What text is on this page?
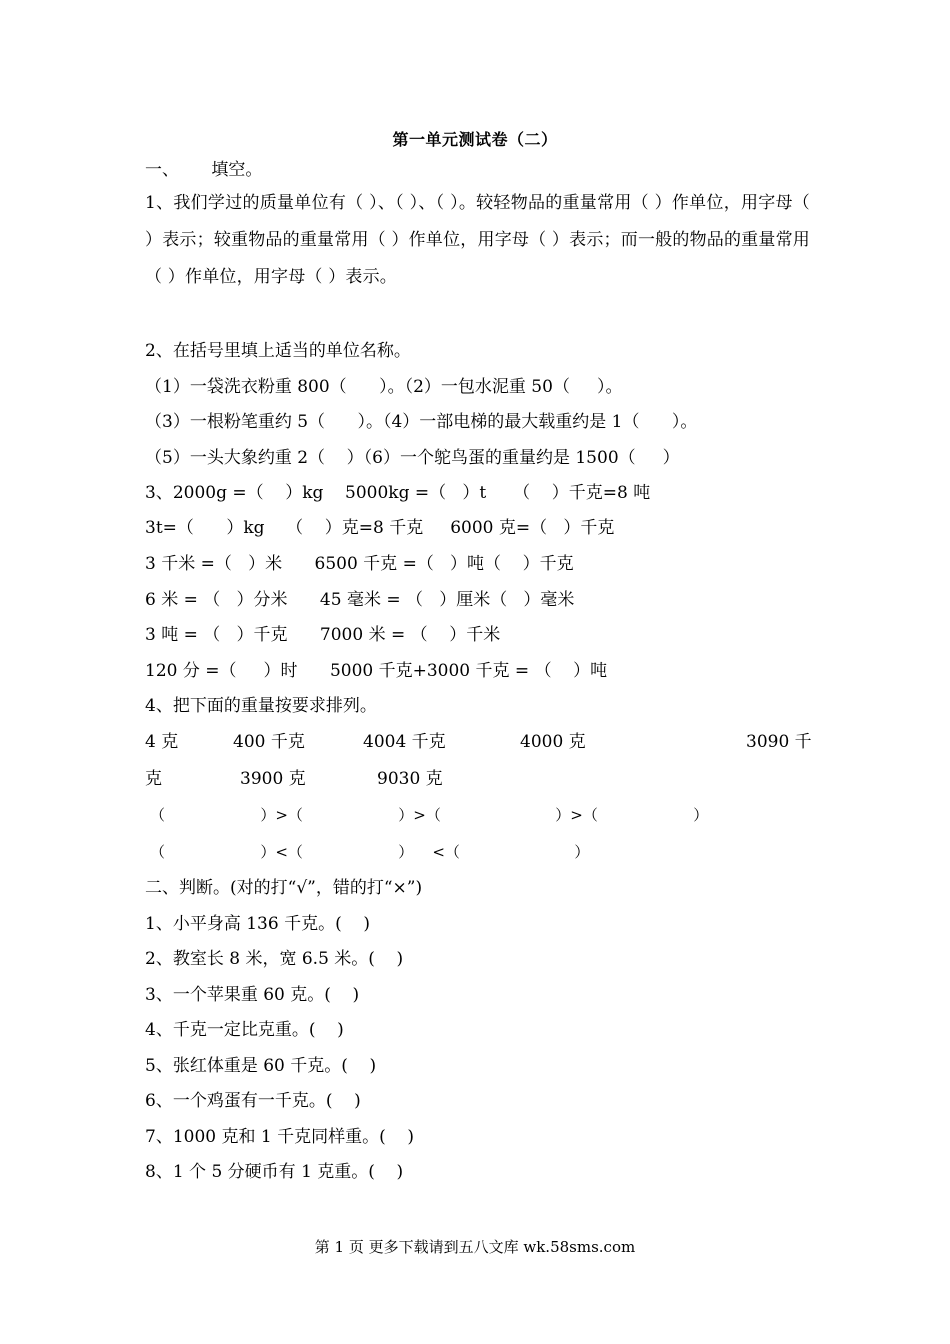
第一单元测试卷（二）
一、      填空。
1、我们学过的质量单位有（ ）、（ ）、（ ）。较轻物品的重量常用（ ）作单位，用字母（ ）表示；较重物品的重量常用（ ）作单位，用字母（ ）表示；而一般的物品的重量常用（ ）作单位，用字母（ ）表示。
2、在括号里填上适当的单位名称。
（1）一袋洗衣粉重 800（      ）。（2）一包水泥重 50（     ）。
（3）一根粉笔重约 5（      ）。（4）一部电梯的最大载重约是 1（      ）。
（5）一头大象约重 2（    ）（6）一个鸵鸟蛋的重量约是 1500（     ）
3、2000g =（    ）kg    5000kg =（   ）t     （    ）千克=8 吨
3t=（      ）kg    （    ）克=8 千克     6000 克=（   ）千克
3 千米 =（   ）米      6500 千克 =（   ）吨（    ）千克
6 米 = （   ）分米      45 毫米 = （   ）厘米（   ）毫米
3 吨 = （   ）千克      7000 米 = （    ）千米
120 分 =（     ）时      5000 千克+3000 千克 = （    ）吨
4、把下面的重量按要求排列。

4 克

	400 千克

	4004 千克

	4000 克

	3090 千

克

	3900 克

	9030 克

（                    ）>（                    ）>（                        ）>（                    ）
（                    ）<（                    ）    <（                        ）
二、判断。(对的打“√”，错的打“×”)
1、小平身高 136 千克。(    )
2、教室长 8 米，宽 6.5 米。(    )
3、一个苹果重 60 克。(    )
4、千克一定比克重。(    )
5、张红体重是 60 千克。(    )
6、一个鸡蛋有一千克。(    )
7、1000 克和 1 千克同样重。(    )
8、1 个 5 分硬币有 1 克重。(    )
第 1 页 更多下载请到五八文库 wk.58sms.com
